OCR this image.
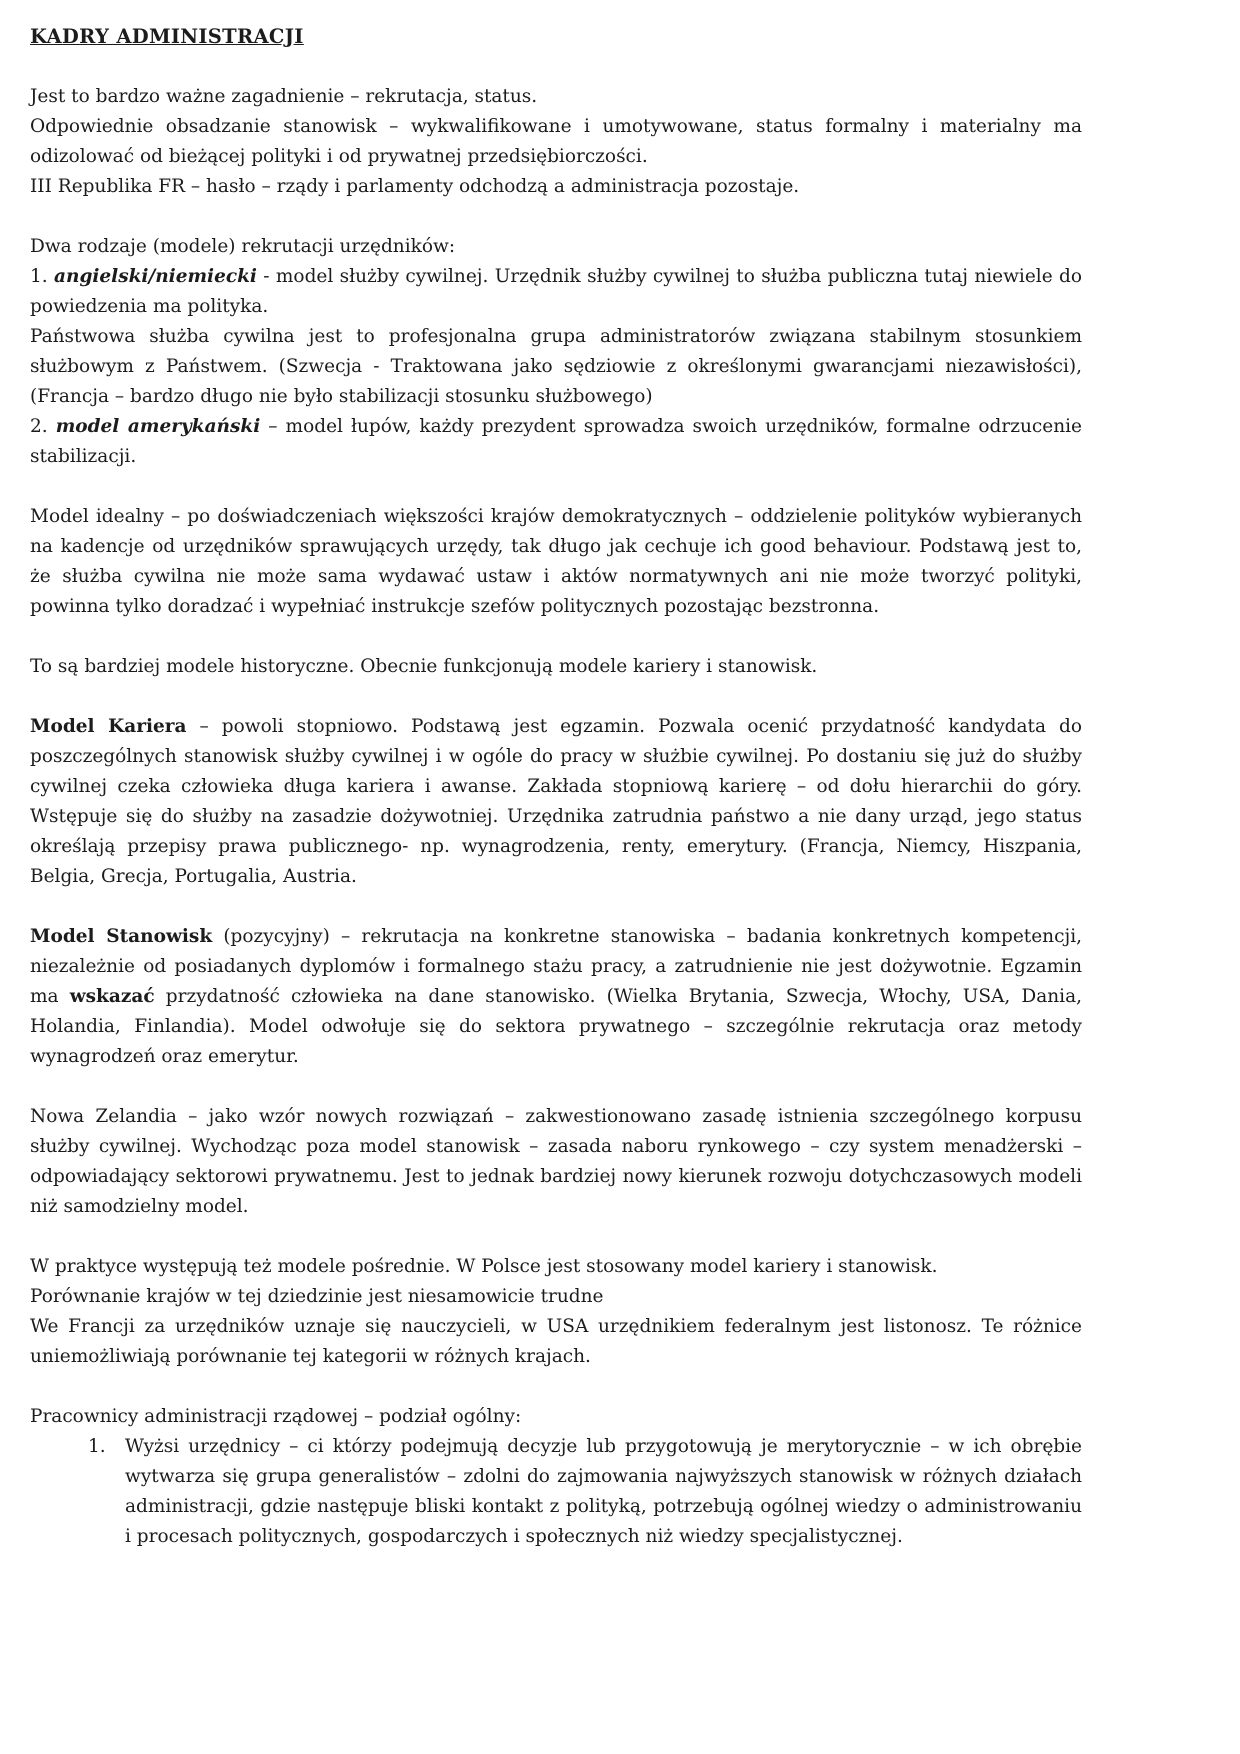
KADRY ADMINISTRACJI

Jest to bardzo ważne zagadnienie – rekrutacja, status.

Odpowiednie obsadzanie stanowisk – wykwalifikowane i umotywowane, status formalny i materialny ma odizolować od bieżącej polityki i od prywatnej przedsiębiorczości.

III Republika FR – hasło – rządy i parlamenty odchodzą a administracja pozostaje.

Dwa rodzaje (modele) rekrutacji urzędników:

1. angielski/niemiecki - model służby cywilnej. Urzędnik służby cywilnej to służba publiczna tutaj niewiele do powiedzenia ma polityka.

Państwowa służba cywilna jest to profesjonalna grupa administratorów związana stabilnym stosunkiem służbowym z Państwem. (Szwecja - Traktowana jako sędziowie z określonymi gwarancjami niezawisłości), (Francja – bardzo długo nie było stabilizacji stosunku służbowego)

2. model amerykański – model łupów, każdy prezydent sprowadza swoich urzędników, formalne odrzucenie stabilizacji.

Model idealny – po doświadczeniach większości krajów demokratycznych – oddzielenie polityków wybieranych na kadencje od urzędników sprawujących urzędy, tak długo jak cechuje ich good behaviour. Podstawą jest to, że służba cywilna nie może sama wydawać ustaw i aktów normatywnych ani nie może tworzyć polityki, powinna tylko doradzać i wypełniać instrukcje szefów politycznych pozostając bezstronna.

To są bardziej modele historyczne. Obecnie funkcjonują modele kariery i stanowisk.

Model Kariera – powoli stopniowo. Podstawą jest egzamin. Pozwala ocenić przydatność kandydata do poszczególnych stanowisk służby cywilnej i w ogóle do pracy w służbie cywilnej. Po dostaniu się już do służby cywilnej czeka człowieka długa kariera i awanse. Zakłada stopniową karierę – od dołu hierarchii do góry. Wstępuje się do służby na zasadzie dożywotniej. Urzędnika zatrudnia państwo a nie dany urząd, jego status określają przepisy prawa publicznego- np. wynagrodzenia, renty, emerytury. (Francja, Niemcy, Hiszpania, Belgia, Grecja, Portugalia, Austria.

Model Stanowisk (pozycyjny) – rekrutacja na konkretne stanowiska – badania konkretnych kompetencji, niezależnie od posiadanych dyplomów i formalnego stażu pracy, a zatrudnienie nie jest dożywotnie. Egzamin ma wskazać przydatność człowieka na dane stanowisko. (Wielka Brytania, Szwecja, Włochy, USA, Dania, Holandia, Finlandia). Model odwołuje się do sektora prywatnego – szczególnie rekrutacja oraz metody wynagrodzeń oraz emerytur.

Nowa Zelandia – jako wzór nowych rozwiązań – zakwestionowano zasadę istnienia szczególnego korpusu służby cywilnej. Wychodząc poza model stanowisk – zasada naboru rynkowego – czy system menadżerski – odpowiadający sektorowi prywatnemu. Jest to jednak bardziej nowy kierunek rozwoju dotychczasowych modeli niż samodzielny model.

W praktyce występują też modele pośrednie. W Polsce jest stosowany model kariery i stanowisk.

Porównanie krajów w tej dziedzinie jest niesamowicie trudne

We Francji za urzędników uznaje się nauczycieli, w USA urzędnikiem federalnym jest listonosz. Te różnice uniemożliwiają porównanie tej kategorii w różnych krajach.

Pracownicy administracji rządowej – podział ogólny:

1. Wyżsi urzędnicy – ci którzy podejmują decyzje lub przygotowują je merytorycznie – w ich obrębie wytwarza się grupa generalistów – zdolni do zajmowania najwyższych stanowisk w różnych działach administracji, gdzie następuje bliski kontakt z polityką, potrzebują ogólnej wiedzy o administrowaniu i procesach politycznych, gospodarczych i społecznych niż wiedzy specjalistycznej.
